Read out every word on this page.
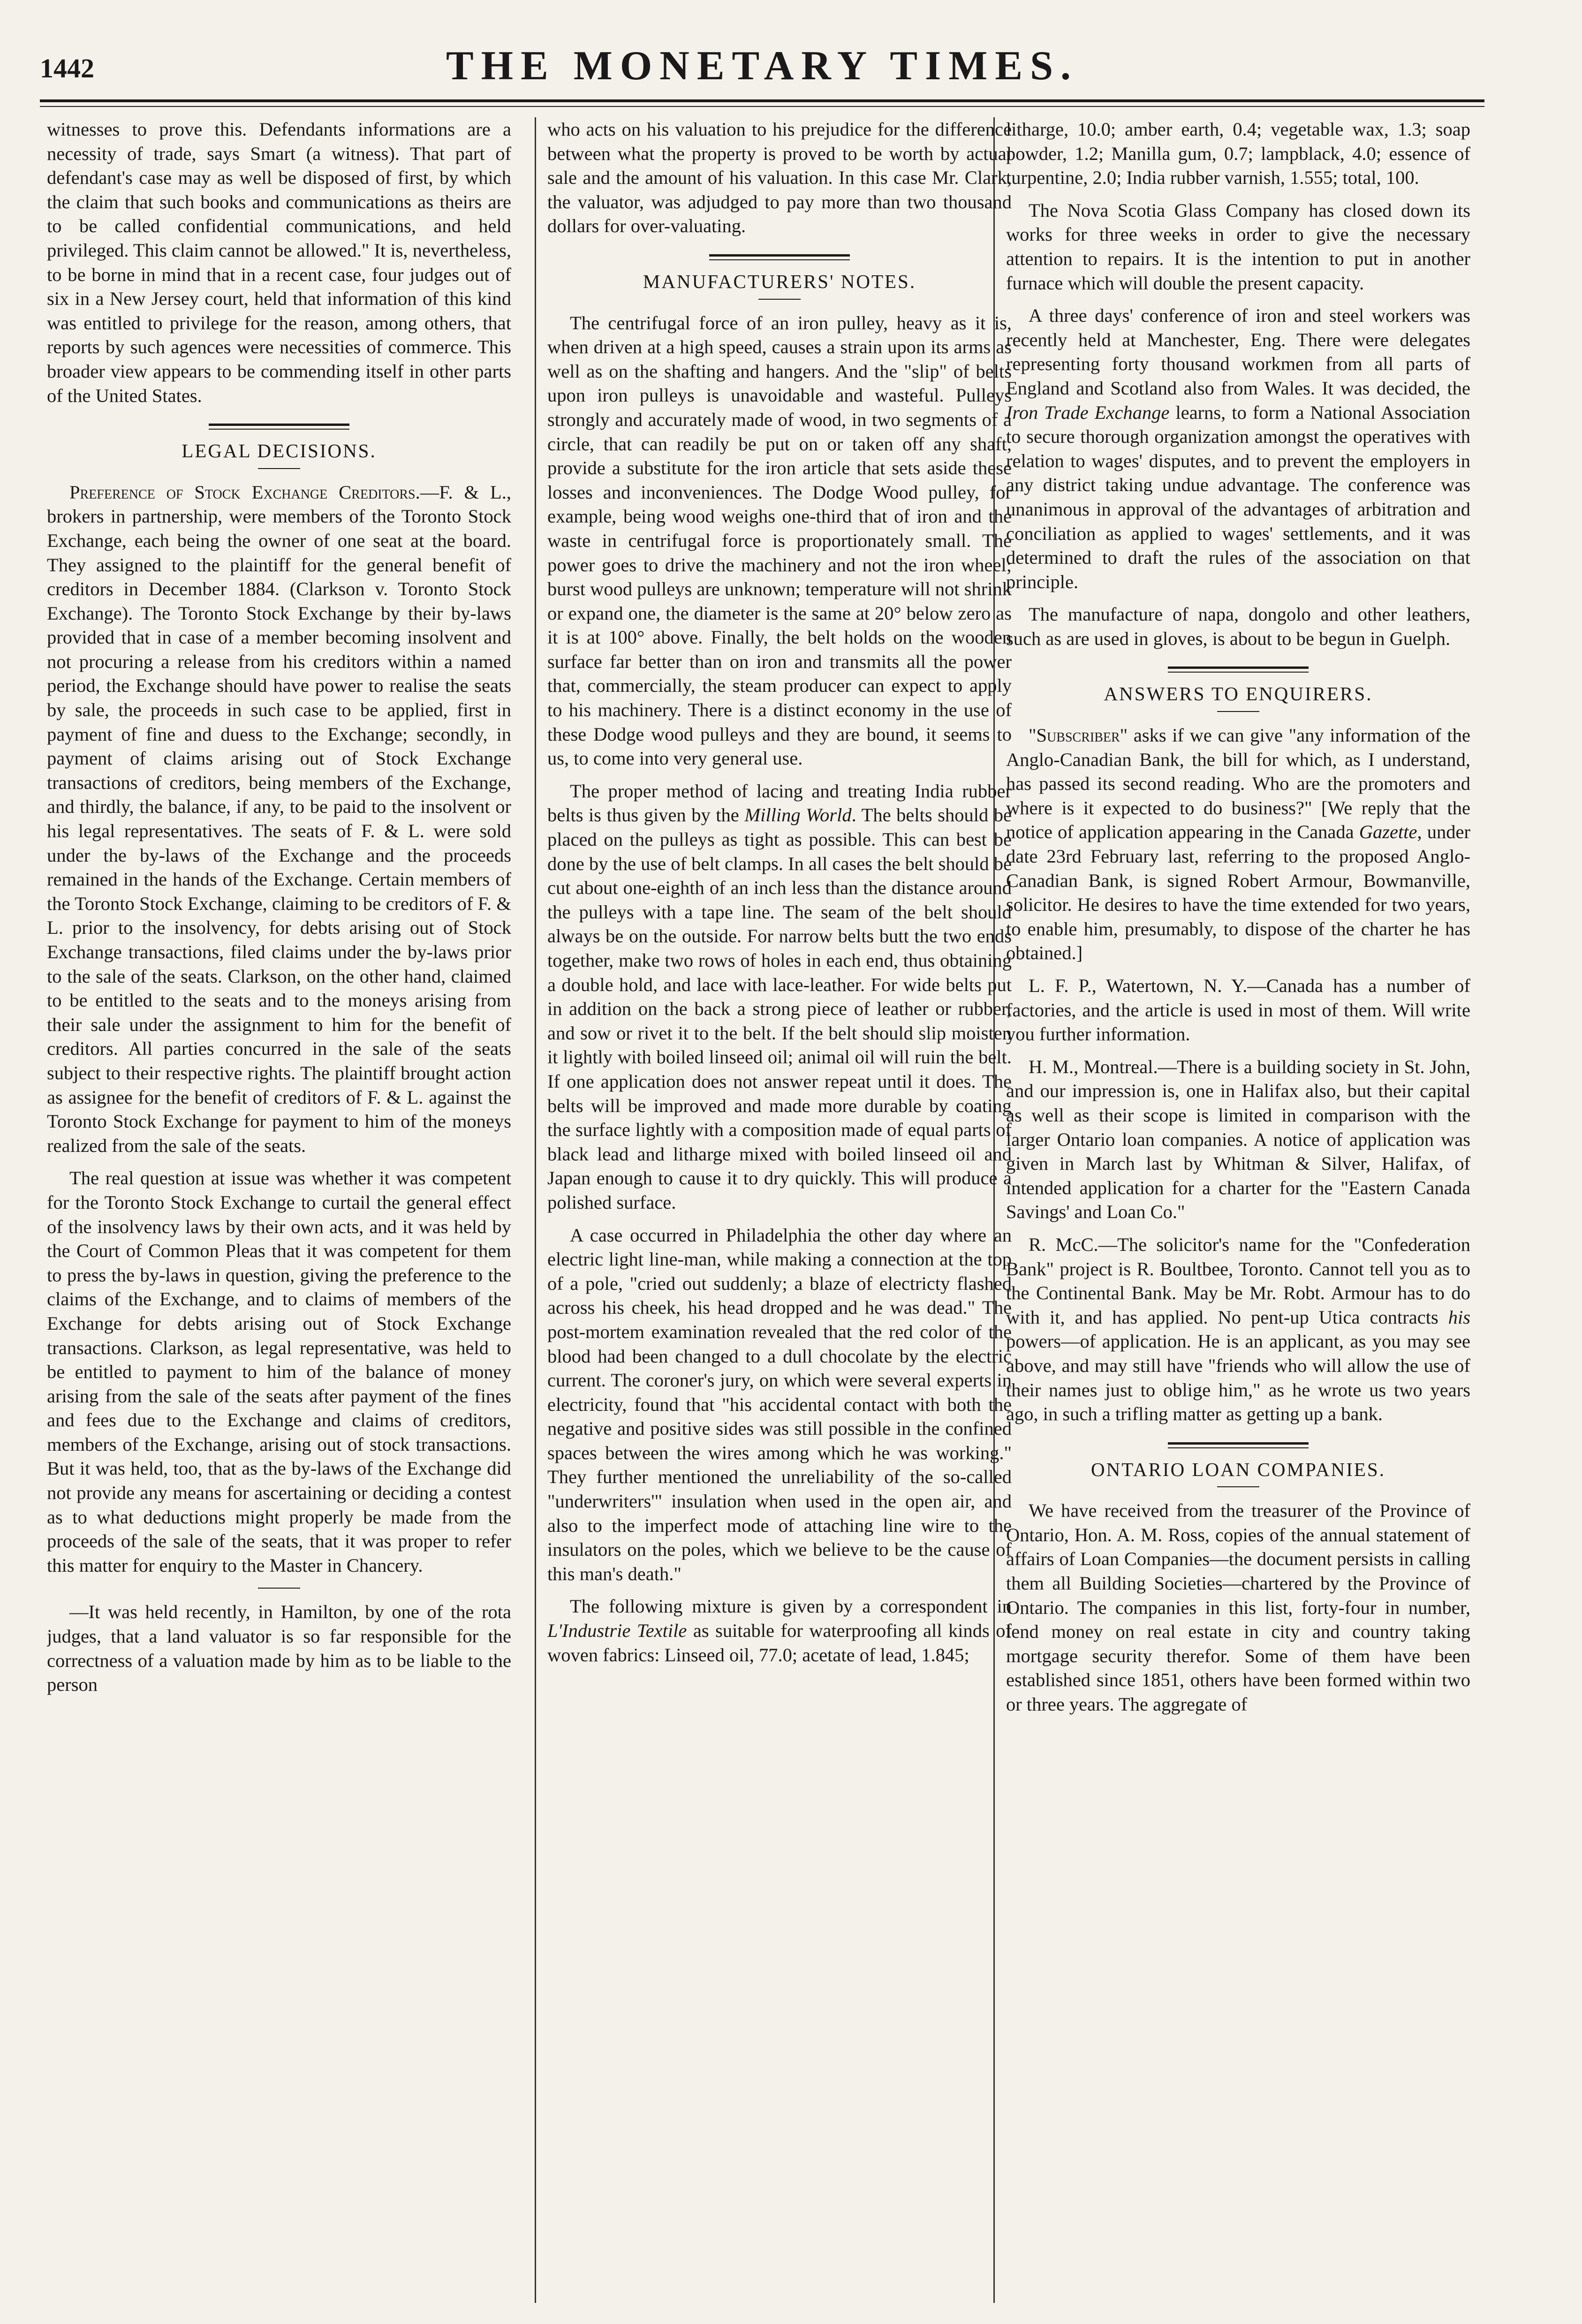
1442	THE MONETARY TIMES.

witnesses to prove this. Defendants informations are a necessity of trade, says Smart (a witness). That part of defendant's case may as well be disposed of first, by which the claim that such books and communications as theirs are to be called confidential communications, and held privileged. This claim cannot be allowed." It is, nevertheless, to be borne in mind that in a recent case, four judges out of six in a New Jersey court, held that information of this kind was entitled to privilege for the reason, among others, that reports by such agences were necessities of commerce. This broader view appears to be commending itself in other parts of the United States.

LEGAL DECISIONS.

Preference of Stock Exchange Creditors.—F. & L., brokers in partnership, were members of the Toronto Stock Exchange, each being the owner of one seat at the board. They assigned to the plaintiff for the general benefit of creditors in December 1884. (Clarkson v. Toronto Stock Exchange). The Toronto Stock Exchange by their by-laws provided that in case of a member becoming insolvent and not procuring a release from his creditors within a named period, the Exchange should have power to realise the seats by sale, the proceeds in such case to be applied, first in payment of fine and duess to the Exchange; secondly, in payment of claims arising out of Stock Exchange transactions of creditors, being members of the Exchange, and thirdly, the balance, if any, to be paid to the insolvent or his legal representatives. The seats of F. & L. were sold under the by-laws of the Exchange and the proceeds remained in the hands of the Exchange. Certain members of the Toronto Stock Exchange, claiming to be creditors of F. & L. prior to the insolvency, for debts arising out of Stock Exchange transactions, filed claims under the by-laws prior to the sale of the seats. Clarkson, on the other hand, claimed to be entitled to the seats and to the moneys arising from their sale under the assignment to him for the benefit of creditors. All parties concurred in the sale of the seats subject to their respective rights. The plaintiff brought action as assignee for the benefit of creditors of F. & L. against the Toronto Stock Exchange for payment to him of the moneys realized from the sale of the seats.

The real question at issue was whether it was competent for the Toronto Stock Exchange to curtail the general effect of the insolvency laws by their own acts, and it was held by the Court of Common Pleas that it was competent for them to press the by-laws in question, giving the preference to the claims of the Exchange, and to claims of members of the Exchange for debts arising out of Stock Exchange transactions. Clarkson, as legal representative, was held to be entitled to payment to him of the balance of money arising from the sale of the seats after payment of the fines and fees due to the Exchange and claims of creditors, members of the Exchange, arising out of stock transactions. But it was held, too, that as the by-laws of the Exchange did not provide any means for ascertaining or deciding a contest as to what deductions might properly be made from the proceeds of the sale of the seats, that it was proper to refer this matter for enquiry to the Master in Chancery.

—It was held recently, in Hamilton, by one of the rota judges, that a land valuator is so far responsible for the correctness of a valuation made by him as to be liable to the person

who acts on his valuation to his prejudice for the difference between what the property is proved to be worth by actual sale and the amount of his valuation. In this case Mr. Clark, the valuator, was adjudged to pay more than two thousand dollars for over-valuating.

MANUFACTURERS' NOTES.

The centrifugal force of an iron pulley, heavy as it is, when driven at a high speed, causes a strain upon its arms as well as on the shafting and hangers. And the "slip" of belts upon iron pulleys is unavoidable and wasteful. Pulleys strongly and accurately made of wood, in two segments of a circle, that can readily be put on or taken off any shaft, provide a substitute for the iron article that sets aside these losses and inconveniences. The Dodge Wood pulley, for example, being wood weighs one-third that of iron and the waste in centrifugal force is proportionately small. The power goes to drive the machinery and not the iron wheel; burst wood pulleys are unknown; temperature will not shrink or expand one, the diameter is the same at 20° below zero as it is at 100° above. Finally, the belt holds on the wooden surface far better than on iron and transmits all the power that, commercially, the steam producer can expect to apply to his machinery. There is a distinct economy in the use of these Dodge wood pulleys and they are bound, it seems to us, to come into very general use.

The proper method of lacing and treating India rubber belts is thus given by the Milling World. The belts should be placed on the pulleys as tight as possible. This can best be done by the use of belt clamps. In all cases the belt should be cut about one-eighth of an inch less than the distance around the pulleys with a tape line. The seam of the belt should always be on the outside. For narrow belts butt the two ends together, make two rows of holes in each end, thus obtaining a double hold, and lace with lace-leather. For wide belts put in addition on the back a strong piece of leather or rubber, and sow or rivet it to the belt. If the belt should slip moisten it lightly with boiled linseed oil; animal oil will ruin the belt. If one application does not answer repeat until it does. The belts will be improved and made more durable by coating the surface lightly with a composition made of equal parts of black lead and litharge mixed with boiled linseed oil and Japan enough to cause it to dry quickly. This will produce a polished surface.

A case occurred in Philadelphia the other day where an electric light line-man, while making a connection at the top of a pole, "cried out suddenly; a blaze of electricty flashed across his cheek, his head dropped and he was dead." The post-mortem examination revealed that the red color of the blood had been changed to a dull chocolate by the electric current. The coroner's jury, on which were several experts in electricity, found that "his accidental contact with both the negative and positive sides was still possible in the confined spaces between the wires among which he was working." They further mentioned the unreliability of the so-called "underwriters'" insulation when used in the open air, and also to the imperfect mode of attaching line wire to the insulators on the poles, which we believe to be the cause of this man's death."

The following mixture is given by a correspondent in L'Industrie Textile as suitable for waterproofing all kinds of woven fabrics: Linseed oil, 77.0; acetate of lead, 1.845;

litharge, 10.0; amber earth, 0.4; vegetable wax, 1.3; soap powder, 1.2; Manilla gum, 0.7; lampblack, 4.0; essence of turpentine, 2.0; India rubber varnish, 1.555; total, 100.

The Nova Scotia Glass Company has closed down its works for three weeks in order to give the necessary attention to repairs. It is the intention to put in another furnace which will double the present capacity.

A three days' conference of iron and steel workers was recently held at Manchester, Eng. There were delegates representing forty thousand workmen from all parts of England and Scotland also from Wales. It was decided, the Iron Trade Exchange learns, to form a National Association to secure thorough organization amongst the operatives with relation to wages' disputes, and to prevent the employers in any district taking undue advantage. The conference was unanimous in approval of the advantages of arbitration and conciliation as applied to wages' settlements, and it was determined to draft the rules of the association on that principle.

The manufacture of napa, dongolo and other leathers, such as are used in gloves, is about to be begun in Guelph.

ANSWERS TO ENQUIRERS.

"Subscriber" asks if we can give "any information of the Anglo-Canadian Bank, the bill for which, as I understand, has passed its second reading. Who are the promoters and where is it expected to do business?" [We reply that the notice of application appearing in the Canada Gazette, under date 23rd February last, referring to the proposed Anglo-Canadian Bank, is signed Robert Armour, Bowmanville, solicitor. He desires to have the time extended for two years, to enable him, presumably, to dispose of the charter he has obtained.]

L. F. P., Watertown, N. Y.—Canada has a number of factories, and the article is used in most of them. Will write you further information.

H. M., Montreal.—There is a building society in St. John, and our impression is, one in Halifax also, but their capital as well as their scope is limited in comparison with the larger Ontario loan companies. A notice of application was given in March last by Whitman & Silver, Halifax, of intended application for a charter for the "Eastern Canada Savings' and Loan Co."

R. McC.—The solicitor's name for the "Confederation Bank" project is R. Boultbee, Toronto. Cannot tell you as to the Continental Bank. May be Mr. Robt. Armour has to do with it, and has applied. No pent-up Utica contracts his powers—of application. He is an applicant, as you may see above, and may still have "friends who will allow the use of their names just to oblige him," as he wrote us two years ago, in such a trifling matter as getting up a bank.

ONTARIO LOAN COMPANIES.

We have received from the treasurer of the Province of Ontario, Hon. A. M. Ross, copies of the annual statement of affairs of Loan Companies—the document persists in calling them all Building Societies—chartered by the Province of Ontario. The companies in this list, forty-four in number, lend money on real estate in city and country taking mortgage security therefor. Some of them have been established since 1851, others have been formed within two or three years. The aggregate of
